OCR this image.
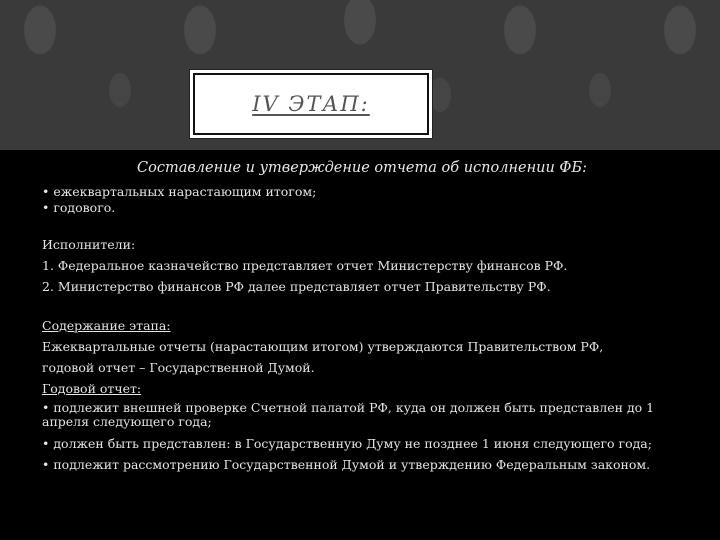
IV ЭТАП:
Составление и утверждение отчета об исполнении ФБ:
• ежеквартальных нарастающим итогом;
• годового.
Исполнители:
1. Федеральное казначейство представляет отчет Министерству финансов РФ.
2. Министерство финансов РФ далее представляет отчет Правительству РФ.
Содержание этапа:
Ежеквартальные отчеты (нарастающим итогом) утверждаются Правительством РФ,
годовой отчет – Государственной Думой.
Годовой отчет:
• подлежит внешней проверке Счетной палатой РФ, куда он должен быть представлен до 1 апреля следующего года;
• должен быть представлен: в Государственную Думу не позднее 1 июня следующего года;
• подлежит рассмотрению Государственной Думой и утверждению Федеральным законом.
